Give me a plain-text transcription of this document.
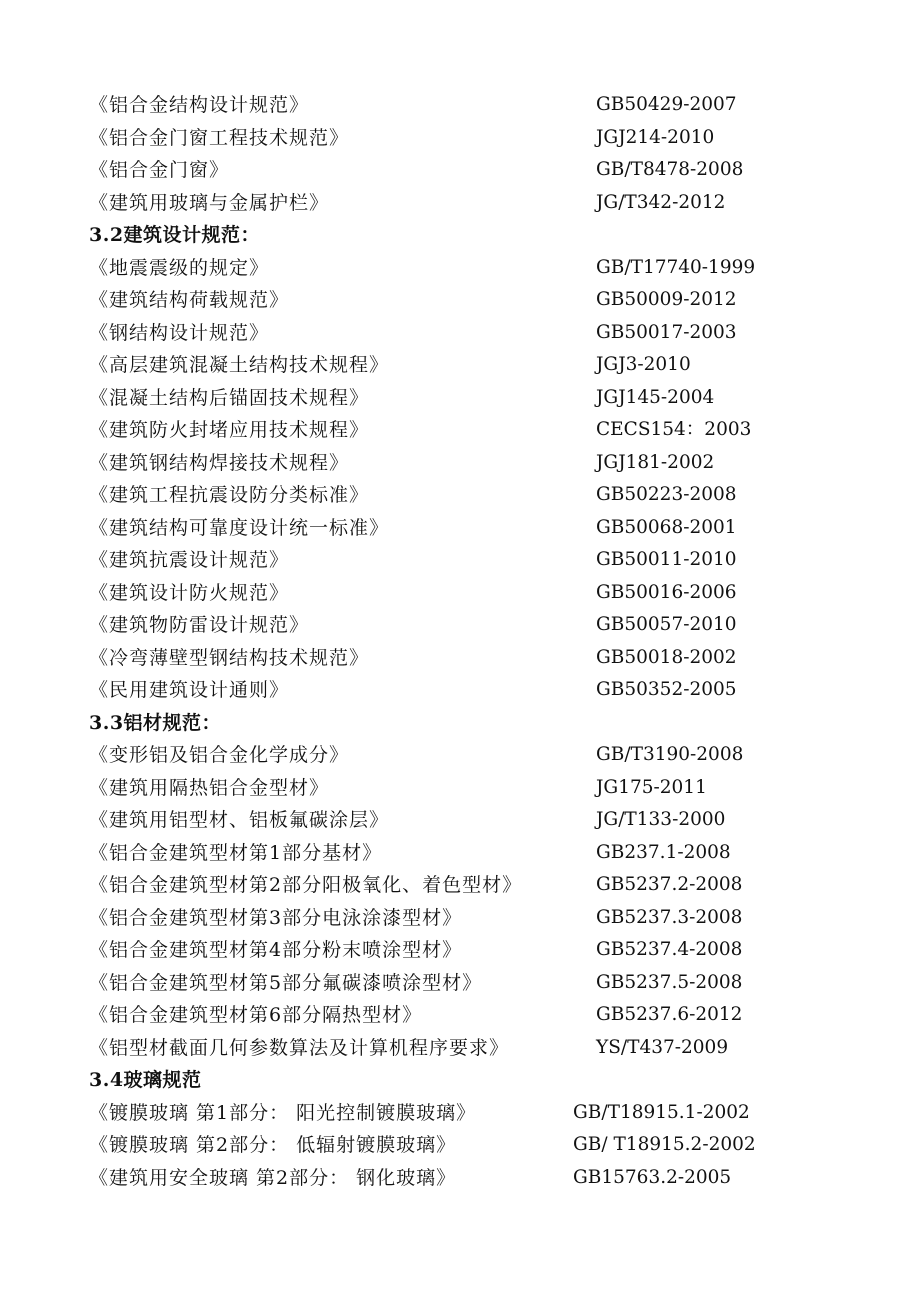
《铝合金结构设计规范》	GB50429-2007
《铝合金门窗工程技术规范》	JGJ214-2010
《铝合金门窗》	GB/T8478-2008
《建筑用玻璃与金属护栏》	JG/T342-2012
3.2建筑设计规范：
《地震震级的规定》	GB/T17740-1999
《建筑结构荷载规范》	GB50009-2012
《钢结构设计规范》	GB50017-2003
《高层建筑混凝土结构技术规程》	JGJ3-2010
《混凝土结构后锚固技术规程》	JGJ145-2004
《建筑防火封堵应用技术规程》	CECS154：2003
《建筑钢结构焊接技术规程》	JGJ181-2002
《建筑工程抗震设防分类标准》	GB50223-2008
《建筑结构可靠度设计统一标准》	GB50068-2001
《建筑抗震设计规范》	GB50011-2010
《建筑设计防火规范》	GB50016-2006
《建筑物防雷设计规范》	GB50057-2010
《冷弯薄壁型钢结构技术规范》	GB50018-2002
《民用建筑设计通则》	GB50352-2005
3.3铝材规范：
《变形铝及铝合金化学成分》	GB/T3190-2008
《建筑用隔热铝合金型材》	JG175-2011
《建筑用铝型材、铝板氟碳涂层》	JG/T133-2000
《铝合金建筑型材第1部分基材》	GB237.1-2008
《铝合金建筑型材第2部分阳极氧化、着色型材》	GB5237.2-2008
《铝合金建筑型材第3部分电泳涂漆型材》	GB5237.3-2008
《铝合金建筑型材第4部分粉末喷涂型材》	GB5237.4-2008
《铝合金建筑型材第5部分氟碳漆喷涂型材》	GB5237.5-2008
《铝合金建筑型材第6部分隔热型材》	GB5237.6-2012
《铝型材截面几何参数算法及计算机程序要求》	YS/T437-2009
3.4玻璃规范
《镀膜玻璃 第1部分： 阳光控制镀膜玻璃》	GB/T18915.1-2002
《镀膜玻璃 第2部分： 低辐射镀膜玻璃》	GB/ T18915.2-2002
《建筑用安全玻璃 第2部分： 钢化玻璃》	GB15763.2-2005
